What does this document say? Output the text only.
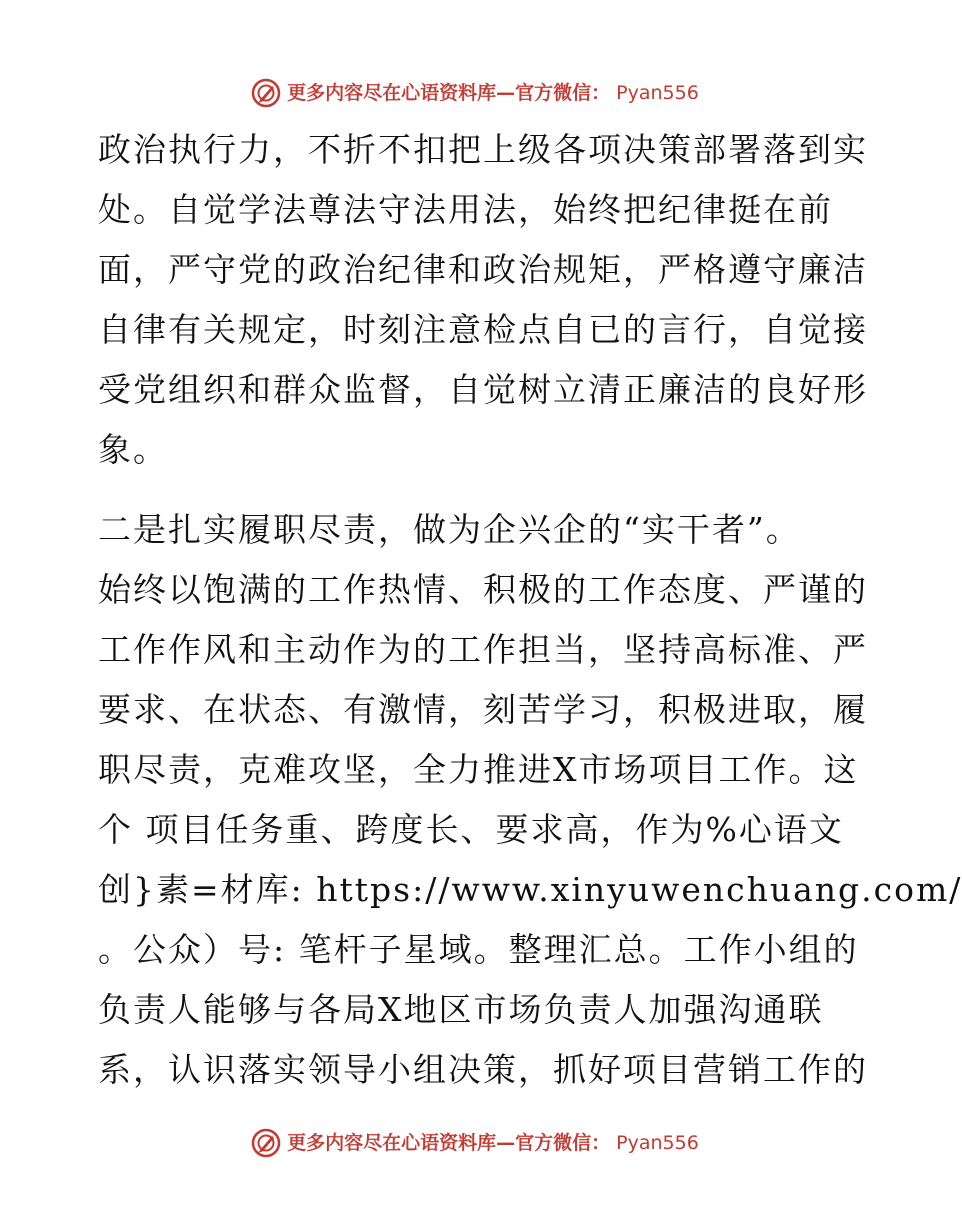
更多内容尽在心语资料库—官方微信： Pyan556
政治执行力，不折不扣把上级各项决策部署落到实
处。自觉学法尊法守法用法，始终把纪律挺在前
面，严守党的政治纪律和政治规矩，严格遵守廉洁
自律有关规定，时刻注意检点自已的言行，自觉接
受党组织和群众监督，自觉树立清正廉洁的良好形
象。
二是扎实履职尽责，做为企兴企的“实干者”。
始终以饱满的工作热情、积极的工作态度、严谨的
工作作风和主动作为的工作担当，坚持高标准、严
要求、在状态、有激情，刻苦学习，积极进取，履
职尽责，克难攻坚，全力推进X市场项目工作。这
个 项目任务重、跨度长、要求高，作为%心语文
创}素=材库: https://www.xinyuwenchuang.com/
。公众）号: 笔杆子星域。整理汇总。工作小组的
负责人能够与各局X地区市场负责人加强沟通联
系，认识落实领导小组决策，抓好项目营销工作的
更多内容尽在心语资料库—官方微信： Pyan556
